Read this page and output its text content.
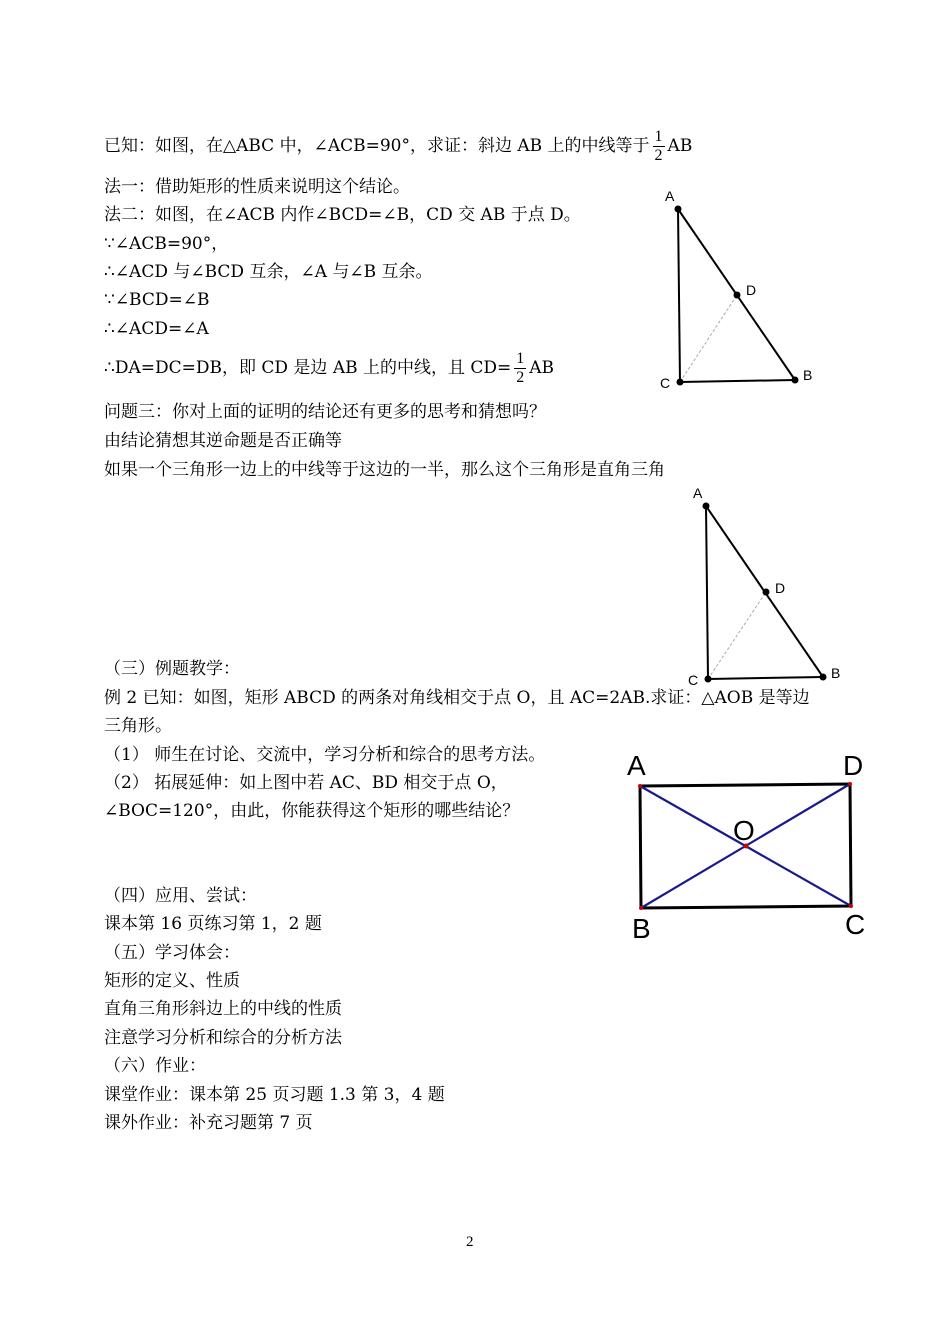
已知：如图，在△ABC 中，∠ACB=90°，求证：斜边 AB 上的中线等于 $\frac{1}{2}$ AB
法一：借助矩形的性质来说明这个结论。
法二：如图，在∠ACB 内作∠BCD=∠B，CD 交 AB 于点 D。
∵∠ACB=90°，
∴∠ACD 与∠BCD 互余，∠A 与∠B 互余。
∵∠BCD=∠B
∴∠ACD=∠A
∴DA=DC=DB，即 CD 是边 AB 上的中线，且 $CD= \frac{1}{2}$ AB
问题三：你对上面的证明的结论还有更多的思考和猜想吗？
由结论猜想其逆命题是否正确等
如果一个三角形一边上的中线等于这边的一半，那么这个三角形是直角三角
（三）例题教学：
例 2 已知：如图，矩形 ABCD 的两条对角线相交于点 O，且 AC=2AB.求证：△AOB 是等边
三角形。
（1） 师生在讨论、交流中，学习分析和综合的思考方法。
（2） 拓展延伸：如上图中若 AC、BD 相交于点 O，
∠BOC=120°，由此，你能获得这个矩形的哪些结论？
（四）应用、尝试：
课本第 16 页练习第 1，2 题
（五）学习体会：
矩形的定义、性质
直角三角形斜边上的中线的性质
注意学习分析和综合的分析方法
（六）作业：
课堂作业：课本第 25 页习题 1.3 第 3，4 题
课外作业：补充习题第 7 页
A
D
C	B
A
D
C	B
A	D
O
B	C
2
